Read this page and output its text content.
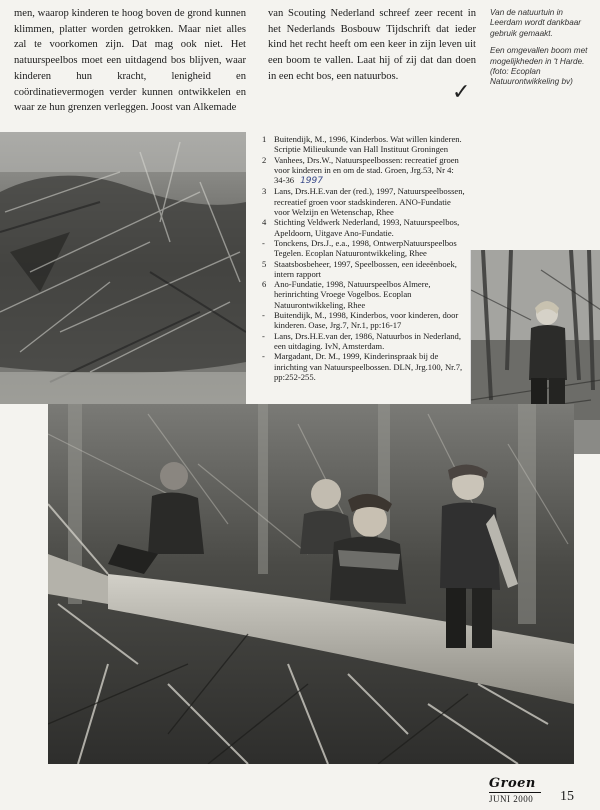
men, waarop kinderen te hoog boven de grond kunnen klimmen, platter worden getrokken. Maar niet alles zal te voorkomen zijn. Dat mag ook niet. Het natuurspeelbos moet een uitdagend bos blijven, waar kinderen hun kracht, lenigheid en coördinatievermogen verder kunnen ontwikkelen en waar ze hun grenzen verleggen. Joost van Alkemade
van Scouting Nederland schreef zeer recent in het Nederlands Bosbouw Tijdschrift dat ieder kind het recht heeft om een keer in zijn leven uit een boom te vallen. Laat hij of zij dat dan doen in een echt bos, een natuurbos.
✓

Van de natuurtuin in Leerdam wordt dankbaar gebruik gemaakt.

Een omgevallen boom met mogelijkheden in 't Harde. (foto: Ecoplan Natuurontwikkeling bv)

1 Buitendijk, M., 1996, Kinderbos. Wat willen kinderen. Scriptie Milieukunde van Hall Instituut Groningen
2 Vanhees, Drs.W., Natuurspeelbossen: recreatief groen voor kinderen in en om de stad. Groen, Jrg.53, Nr 4: 34-36 1997
3 Lans, Drs.H.E.van der (red.), 1997, Natuurspeelbossen, recreatief groen voor stadskinderen. ANO-Fundatie voor Welzijn en Wetenschap, Rhee
4 Stichting Veldwerk Nederland, 1993, Natuurspeelbos, Apeldoorn, Uitgave Ano-Fundatie.
- Tonckens, Drs.J., e.a., 1998, OntwerpNatuurspeelbos Tegelen. Ecoplan Natuurontwikkeling, Rhee
5 Staatsbosbeheer, 1997, Speelbossen, een ideeënboek, intern rapport
6 Ano-Fundatie, 1998, Natuurspeelbos Almere, herinrichting Vroege Vogelbos. Ecoplan Natuurontwikkeling, Rhee
- Buitendijk, M., 1998, Kinderbos, voor kinderen, door kinderen. Oase, Jrg.7, Nr.1, pp:16-17
- Lans, Drs.H.E.van der, 1986, Natuurbos in Nederland, een uitdaging. IvN, Amsterdam.
- Margadant, Dr. M., 1999, Kinderinspraak bij de inrichting van Natuurspeelbossen. DLN, Jrg.100, Nr.7, pp:252-255.
Groen
JUNI 2000 15
